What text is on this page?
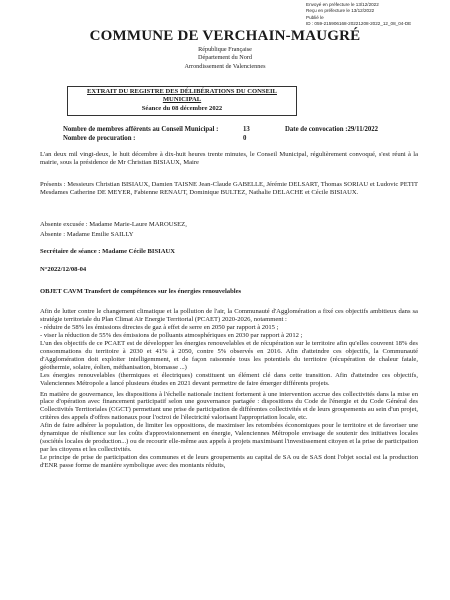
Envoyé en préfecture le 13/12/2022
Reçu en préfecture le 13/12/2022
Publié le
ID : 059-215906168-20221208-2022_12_08_04-DE
COMMUNE DE VERCHAIN-MAUGRÉ
République Française
Département du Nord
Arrondissement de Valenciennes
EXTRAIT DU REGISTRE DES DÉLIBÉRATIONS DU CONSEIL MUNICIPAL
Séance du 08 décembre 2022
Nombre de membres afférents au Conseil Municipal :	13	Date de convocation :29/11/2022
Nombre de procuration :	0
L'an deux mil vingt-deux, le huit décembre à dix-huit heures trente minutes, le Conseil Municipal, régulièrement convoqué, s'est réuni à la mairie, sous la présidence de Mr Christian BISIAUX, Maire
Présents : Messieurs Christian BISIAUX, Damien TAISNE Jean-Claude GABELLE, Jérémie DELSART, Thomas SORIAU et Ludovic PETIT Mesdames Catherine DE MEYER, Fabienne RENAUT, Dominique BULTEZ, Nathalie DELACHE et Cécile BISIAUX.
Absente excusée : Madame Marie-Laure MAROUSEZ,
Absente : Madame Emilie SAILLY
Secrétaire de séance : Madame Cécile BISIAUX
N°2022/12/08-04
OBJET CAVM Transfert de compétences sur les énergies renouvelables

Afin de lutter contre le changement climatique et la pollution de l'air, la Communauté d'Agglomération a fixé ces objectifs ambitieux dans sa stratégie territoriale du Plan Climat Air Energie Territorial (PCAET) 2020-2026, notamment :

- réduire de 58% les émissions directes de gaz à effet de serre en 2050 par rapport à 2015 ;

- viser la réduction de 55% des émissions de polluants atmosphériques en 2030 par rapport à 2012 ;

L'un des objectifs de ce PCAET est de développer les énergies renouvelables et de récupération sur le territoire afin qu'elles couvrent 18% des consommations du territoire à 2030 et 41% à 2050, contre 5% observés en 2016. Afin d'atteindre ces objectifs, la Communauté d'Agglomération doit exploiter intelligemment, et de façon raisonnée tous les potentiels du territoire (récupération de chaleur fatale, géothermie, solaire, éolien, méthanisation, biomasse ...)

Les énergies renouvelables (thermiques et électriques) constituent un élément clé dans cette transition. Afin d'atteindre ces objectifs, Valenciennes Métropole a lancé plusieurs études en 2021 devant permettre de faire émerger différents projets.

En matière de gouvernance, les dispositions à l'échelle nationale incitent fortement à une intervention accrue des collectivités dans la mise en place d'opération avec financement participatif selon une gouvernance partagée : dispositions du Code de l'énergie et du Code Général des Collectivités Territoriales (CGCT) permettant une prise de participation de différentes collectivités et de leurs groupements au sein d'un projet, critères des appels d'offres nationaux pour l'octroi de l'électricité valorisant l'appropriation locale, etc.

Afin de faire adhérer la population, de limiter les oppositions, de maximiser les retombées économiques pour le territoire et de favoriser une dynamique de résilience sur les coûts d'approvisionnement en énergie, Valenciennes Métropole envisage de soutenir des initiatives locales (sociétés locales de production...) ou de recourir elle-même aux appels à projets maximisant l'investissement citoyen et la prise de participation par les citoyens et les collectivités.

Le principe de prise de participation des communes et de leurs groupements au capital de SA ou de SAS dont l'objet social est la production d'ENR passe forme de manière symbolique avec des montants réduits,
